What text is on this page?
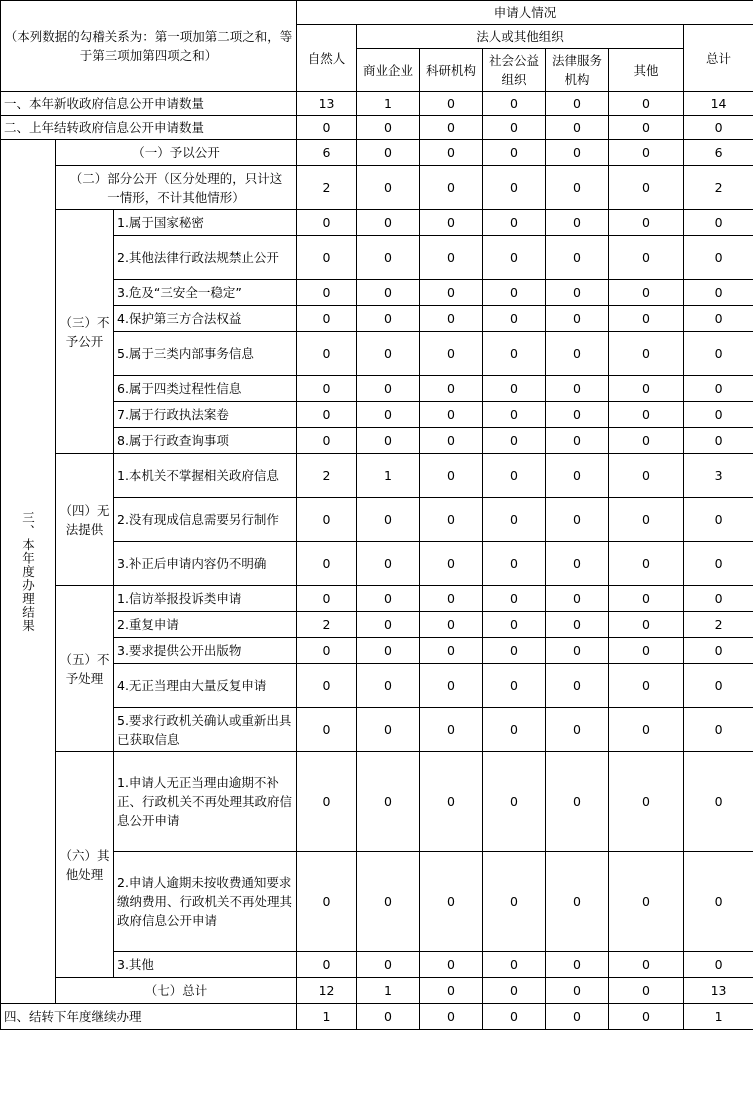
（本列数据的勾稽关系为：第一项加第二项之和，等于第三项加第四项之和）			申请人情况						
			自然人	法人或其他组织					总计
				商业企业	科研机构	社会公益组织	法律服务机构	其他	
一、本年新收政府信息公开申请数量			13	1	0	0	0	0	14
二、上年结转政府信息公开申请数量			0	0	0	0	0	0	0
三、本年度办理结果	（一）予以公开		6	0	0	0	0	0	6
	（二）部分公开（区分处理的，只计这一情形，不计其他情形）		2	0	0	0	0	0	2
	（三）不予公开	1.属于国家秘密	0	0	0	0	0	0	0
		2.其他法律行政法规禁止公开	0	0	0	0	0	0	0
		3.危及“三安全一稳定”	0	0	0	0	0	0	0
		4.保护第三方合法权益	0	0	0	0	0	0	0
		5.属于三类内部事务信息	0	0	0	0	0	0	0
		6.属于四类过程性信息	0	0	0	0	0	0	0
		7.属于行政执法案卷	0	0	0	0	0	0	0
		8.属于行政查询事项	0	0	0	0	0	0	0
	（四）无法提供	1.本机关不掌握相关政府信息	2	1	0	0	0	0	3
		2.没有现成信息需要另行制作	0	0	0	0	0	0	0
		3.补正后申请内容仍不明确	0	0	0	0	0	0	0
	（五）不予处理	1.信访举报投诉类申请	0	0	0	0	0	0	0
		2.重复申请	2	0	0	0	0	0	2
		3.要求提供公开出版物	0	0	0	0	0	0	0
		4.无正当理由大量反复申请	0	0	0	0	0	0	0
		5.要求行政机关确认或重新出具已获取信息	0	0	0	0	0	0	0
	（六）其他处理	1.申请人无正当理由逾期不补正、行政机关不再处理其政府信息公开申请	0	0	0	0	0	0	0
		2.申请人逾期未按收费通知要求缴纳费用、行政机关不再处理其政府信息公开申请	0	0	0	0	0	0	0
		3.其他	0	0	0	0	0	0	0
	（七）总计		12	1	0	0	0	0	13
四、结转下年度继续办理			1	0	0	0	0	0	1
